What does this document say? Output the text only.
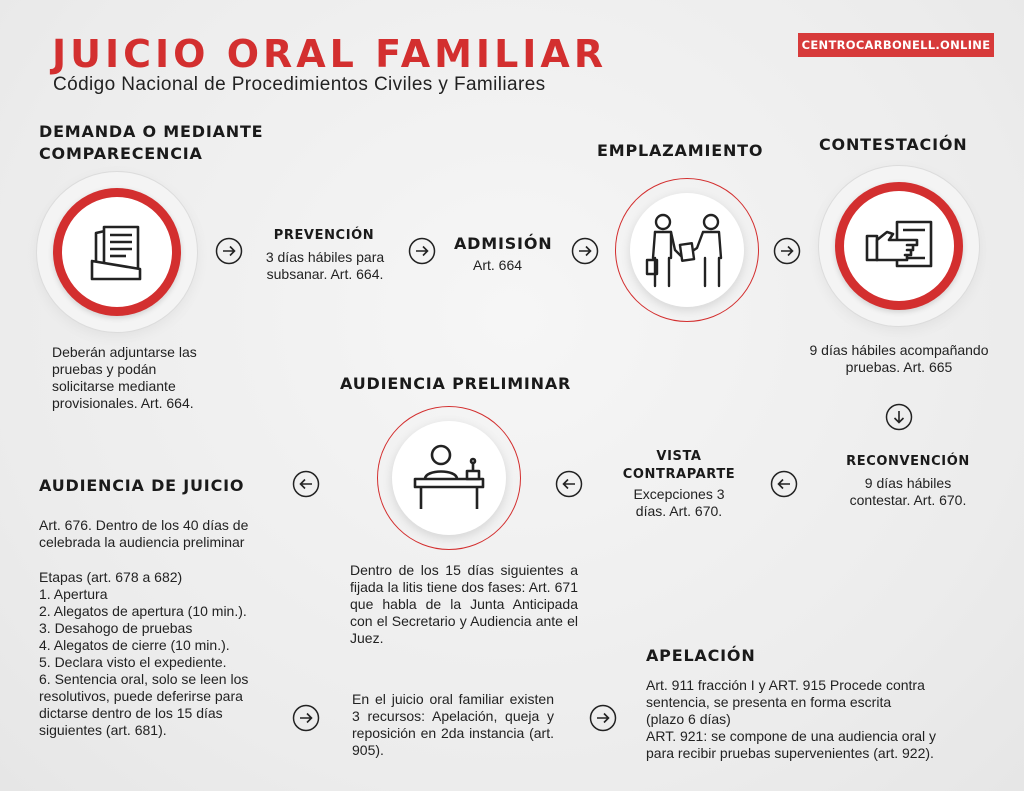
JUICIO ORAL FAMILIAR
Código Nacional de Procedimientos Civiles y Familiares
CENTROCARBONELL.ONLINE
DEMANDA O MEDIANTE
COMPARECENCIA
Deberán adjuntarse las pruebas y podán solicitarse mediante provisionales. Art. 664.
PREVENCIÓN
3 días hábiles para
subsanar. Art. 664.
ADMISIÓN
Art. 664
EMPLAZAMIENTO	CONTESTACIÓN
9 días hábiles acompañando
pruebas. Art. 665
RECONVENCIÓN
9 días hábiles
contestar. Art. 670.
VISTA
CONTRAPARTE
Excepciones 3
días. Art. 670.
AUDIENCIA PRELIMINAR
Dentro de los 15 días siguientes a fijada la litis tiene dos fases: Art. 671 que habla de la Junta Anticipada con el Secretario y Audiencia ante el Juez.
AUDIENCIA DE JUICIO
Art. 676. Dentro de los 40 días de celebrada la audiencia preliminar
Etapas (art. 678 a 682)
1. Apertura
2. Alegatos de apertura (10 min.).
3. Desahogo de pruebas
4. Alegatos de cierre (10 min.).
5. Declara visto el expediente.
6. Sentencia oral, solo se leen los resolutivos, puede deferirse para dictarse dentro de los 15 días siguientes (art. 681).
En el juicio oral familiar existen 3 recursos: Apelación, queja y reposición en 2da instancia (art. 905).
APELACIÓN
Art. 911 fracción I y ART. 915 Procede contra
sentencia, se presenta en forma escrita
(plazo 6 días)
ART. 921: se compone de una audiencia oral y
para recibir pruebas supervenientes (art. 922).
